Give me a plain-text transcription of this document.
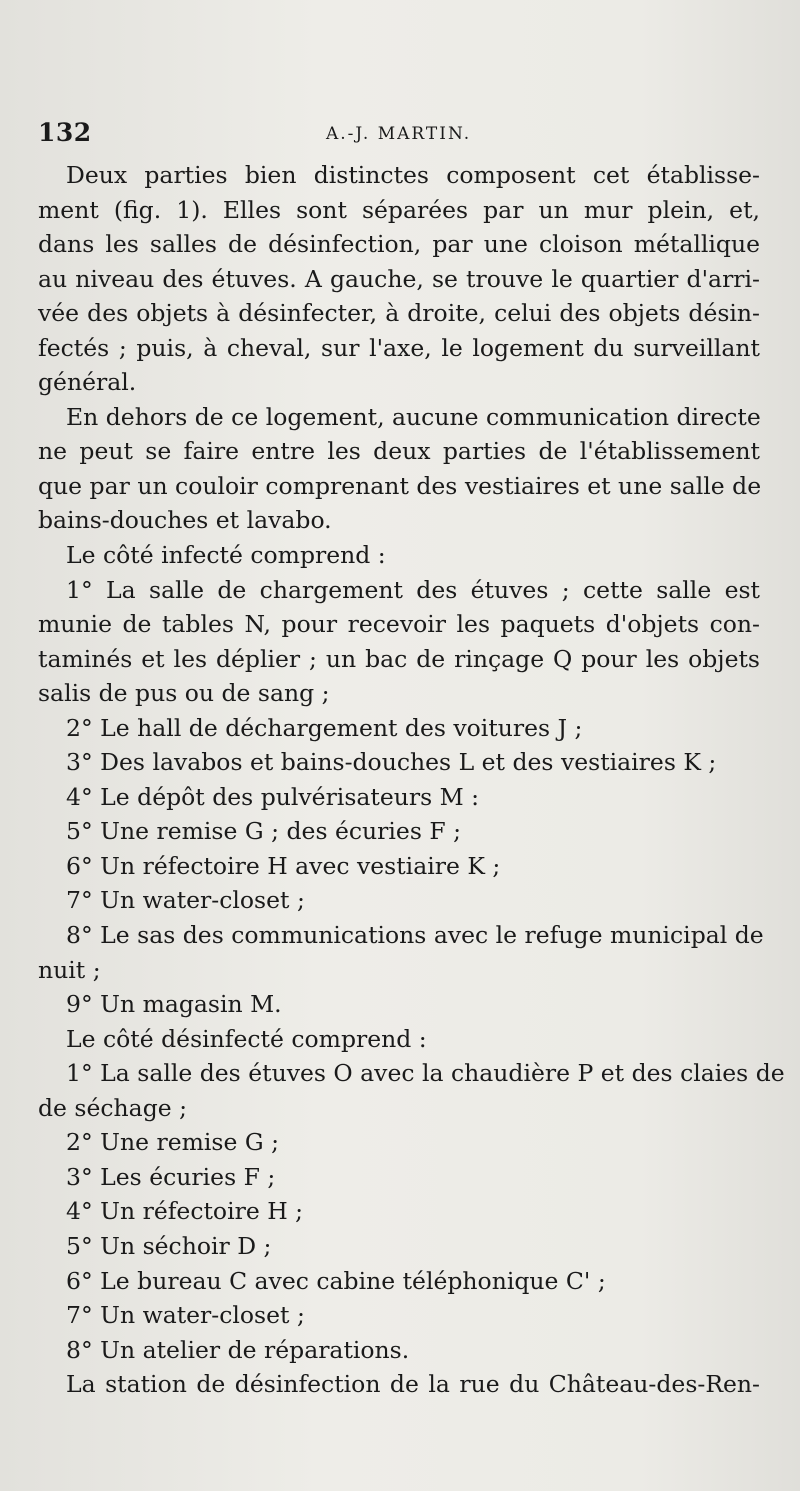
132	A.-J. MARTIN.
Deux parties bien distinctes composent cet établisse-
ment (fig. 1). Elles sont séparées par un mur plein, et,
dans les salles de désinfection, par une cloison métallique
au niveau des étuves. A gauche, se trouve le quartier d'arri-
vée des objets à désinfecter, à droite, celui des objets désin-
fectés ; puis, à cheval, sur l'axe, le logement du surveillant
général.
En dehors de ce logement, aucune communication directe
ne peut se faire entre les deux parties de l'établissement
que par un couloir comprenant des vestiaires et une salle de
bains-douches et lavabo.
Le côté infecté comprend :
1° La salle de chargement des étuves ; cette salle est
munie de tables N, pour recevoir les paquets d'objets con-
taminés et les déplier ; un bac de rinçage Q pour les objets
salis de pus ou de sang ;
2° Le hall de déchargement des voitures J ;
3° Des lavabos et bains-douches L et des vestiaires K ;
4° Le dépôt des pulvérisateurs M :
5° Une remise G ; des écuries F ;
6° Un réfectoire H avec vestiaire K ;
7° Un water-closet ;
8° Le sas des communications avec le refuge municipal de
nuit ;
9° Un magasin M.
Le côté désinfecté comprend :
1° La salle des étuves O avec la chaudière P et des claies de
de séchage ;
2° Une remise G ;
3° Les écuries F ;
4° Un réfectoire H ;
5° Un séchoir D ;
6° Le bureau C avec cabine téléphonique C' ;
7° Un water-closet ;
8° Un atelier de réparations.
La station de désinfection de la rue du Château-des-Ren-
